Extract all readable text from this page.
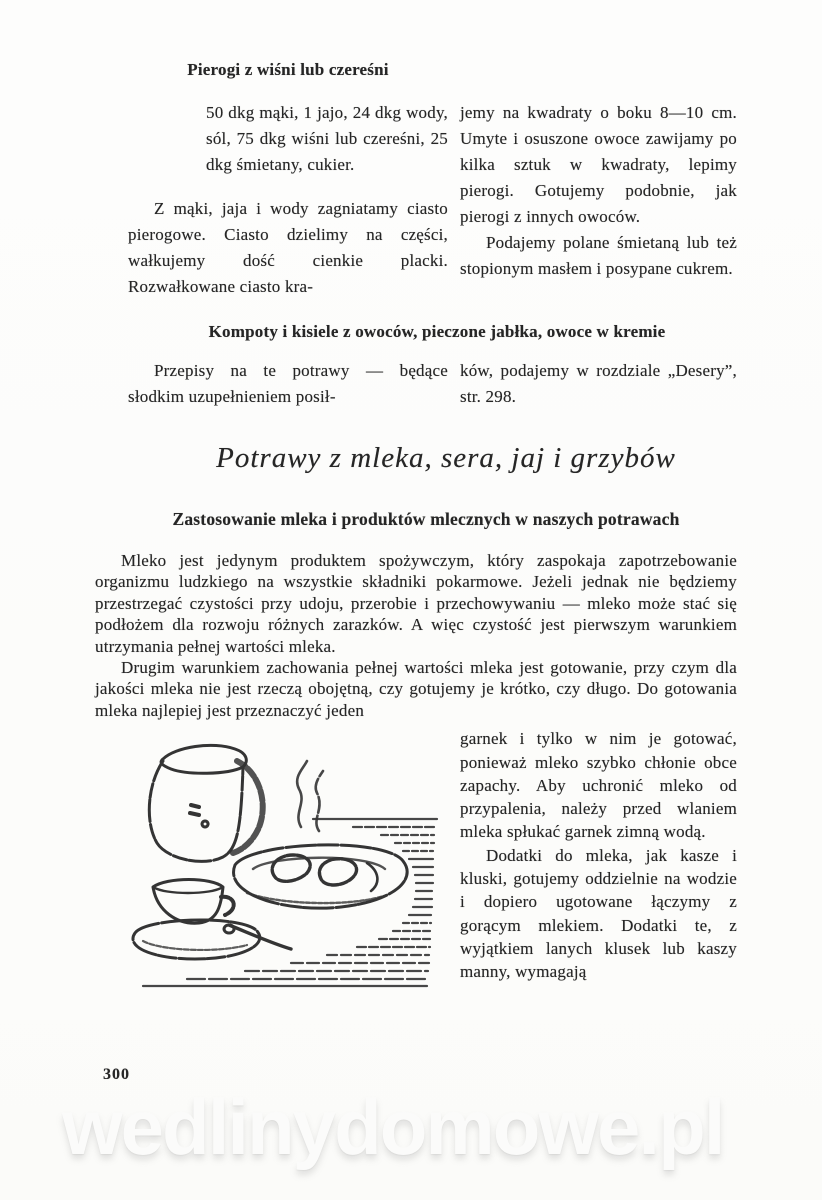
Pierogi z wiśni lub czereśni

50 dkg mąki, 1 jajo, 24 dkg wody, sól, 75 dkg wiśni lub czereśni, 25 dkg śmietany, cukier.

Z mąki, jaja i wody zagniatamy ciasto pierogowe. Ciasto dzielimy na części, wałkujemy dość cienkie placki. Rozwałkowane ciasto kra-

jemy na kwadraty o boku 8—10 cm. Umyte i osuszone owoce zawijamy po kilka sztuk w kwadraty, lepimy pierogi. Gotujemy podobnie, jak pierogi z innych owoców.

Podajemy polane śmietaną lub też stopionym masłem i posypane cukrem.

Kompoty i kisiele z owoców, pieczone jabłka, owoce w kremie

Przepisy na te potrawy — będące słodkim uzupełnieniem posił-

ków, podajemy w rozdziale „Desery”, str. 298.

Potrawy z mleka, sera, jaj i grzybów
Zastosowanie mleka i produktów mlecznych w naszych potrawach

Mleko jest jedynym produktem spożywczym, który zaspokaja zapotrzebowanie organizmu ludzkiego na wszystkie składniki pokarmowe. Jeżeli jednak nie będziemy przestrzegać czystości przy udoju, przerobie i przechowywaniu — mleko może stać się podłożem dla rozwoju różnych zarazków. A więc czystość jest pierwszym warunkiem utrzymania pełnej wartości mleka.

Drugim warunkiem zachowania pełnej wartości mleka jest gotowanie, przy czym dla jakości mleka nie jest rzeczą obojętną, czy gotujemy je krótko, czy długo. Do gotowania mleka najlepiej jest przeznaczyć jeden

garnek i tylko w nim je gotować, ponieważ mleko szybko chłonie obce zapachy. Aby uchronić mleko od przypalenia, należy przed wlaniem mleka spłukać garnek zimną wodą.

Dodatki do mleka, jak kasze i kluski, gotujemy oddzielnie na wodzie i dopiero ugotowane łączymy z gorącym mlekiem. Dodatki te, z wyjątkiem lanych klusek lub kaszy manny, wymagają

300
wedlinydomowe.pl
